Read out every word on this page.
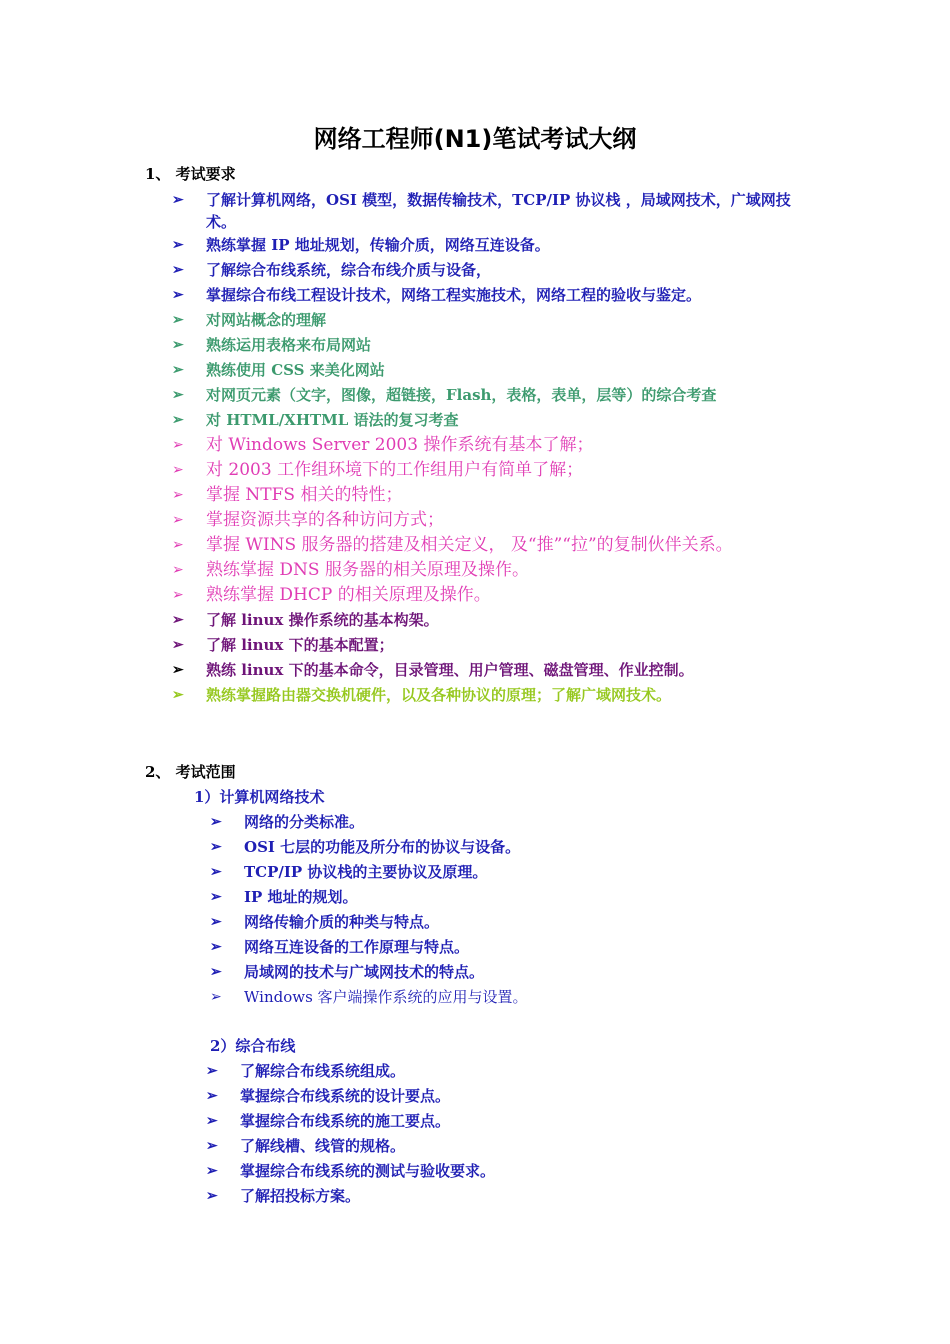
网络工程师(N1)笔试考试大纲
1、 考试要求
➢ 了解计算机网络，OSI 模型，数据传输技术，TCP/IP 协议栈 ，局域网技术，广域网技术。
➢ 熟练掌握 IP 地址规划，传输介质，网络互连设备。
➢ 了解综合布线系统，综合布线介质与设备，
➢ 掌握综合布线工程设计技术，网络工程实施技术，网络工程的验收与鉴定。
➢ 对网站概念的理解
➢ 熟练运用表格来布局网站
➢ 熟练使用 CSS 来美化网站
➢ 对网页元素（文字，图像，超链接，Flash，表格，表单，层等）的综合考查
➢ 对 HTML/XHTML 语法的复习考查
➢ 对 Windows Server 2003 操作系统有基本了解；
➢ 对 2003 工作组环境下的工作组用户有简单了解；
➢ 掌握 NTFS 相关的特性；
➢ 掌握资源共享的各种访问方式；
➢ 掌握 WINS 服务器的搭建及相关定义， 及“推”“拉”的复制伙伴关系。
➢ 熟练掌握 DNS 服务器的相关原理及操作。
➢ 熟练掌握 DHCP 的相关原理及操作。
➢ 了解 linux 操作系统的基本构架。
➢ 了解 linux 下的基本配置；
➢ 熟练 linux 下的基本命令，目录管理、用户管理、磁盘管理、作业控制。
➢ 熟练掌握路由器交换机硬件，以及各种协议的原理；了解广域网技术。
2、 考试范围
1）计算机网络技术
➢ 网络的分类标准。
➢ OSI 七层的功能及所分布的协议与设备。
➢ TCP/IP 协议栈的主要协议及原理。
➢ IP 地址的规划。
➢ 网络传输介质的种类与特点。
➢ 网络互连设备的工作原理与特点。
➢ 局域网的技术与广域网技术的特点。
➢ Windows 客户端操作系统的应用与设置。
2）综合布线
➢ 了解综合布线系统组成。
➢ 掌握综合布线系统的设计要点。
➢ 掌握综合布线系统的施工要点。
➢ 了解线槽、线管的规格。
➢ 掌握综合布线系统的测试与验收要求。
➢ 了解招投标方案。
